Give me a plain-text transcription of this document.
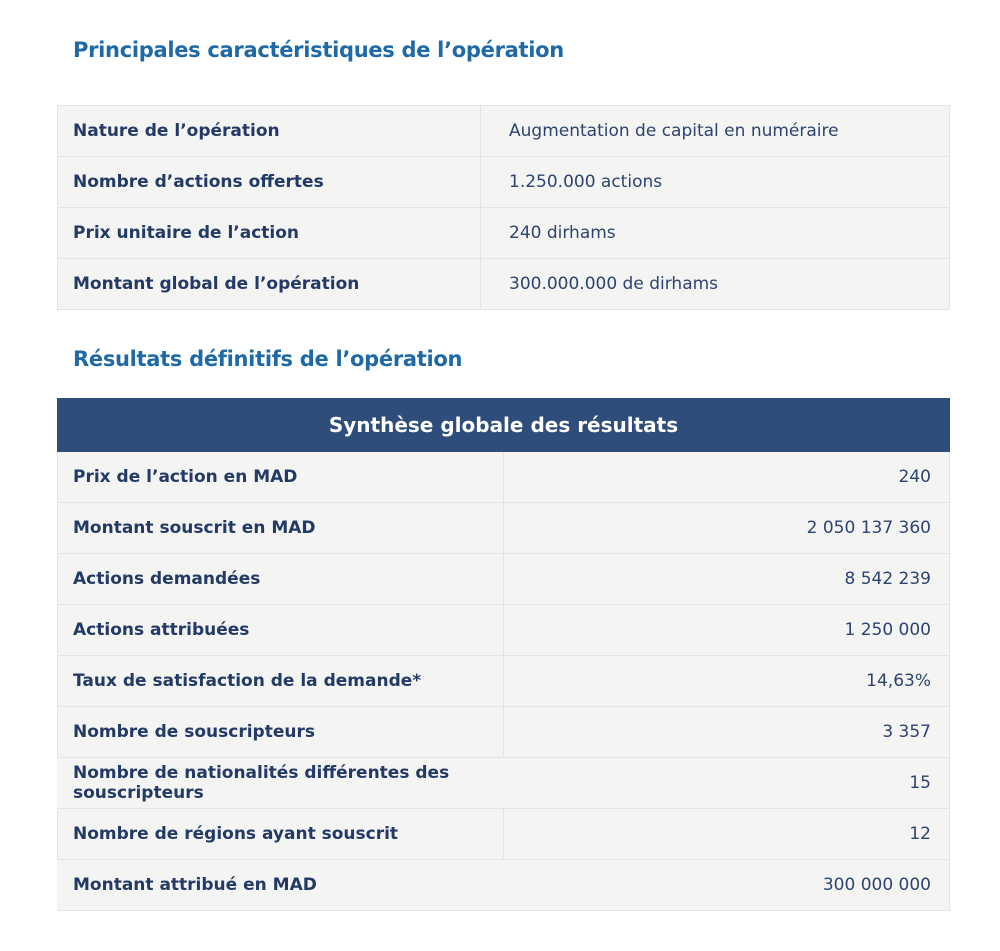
Principales caractéristiques de l’opération
Nature de l’opération	Augmentation de capital en numéraire
Nombre d’actions offertes	1.250.000 actions
Prix unitaire de l’action	240 dirhams
Montant global de l’opération	300.000.000 de dirhams
Résultats définitifs de l’opération
Synthèse globale des résultats	
Prix de l’action en MAD	240
Montant souscrit en MAD	2 050 137 360
Actions demandées	8 542 239
Actions attribuées	1 250 000
Taux de satisfaction de la demande*	14,63%
Nombre de souscripteurs	3 357
Nombre de nationalités différentes des souscripteurs	15
Nombre de régions ayant souscrit	12
Montant attribué en MAD	300 000 000
